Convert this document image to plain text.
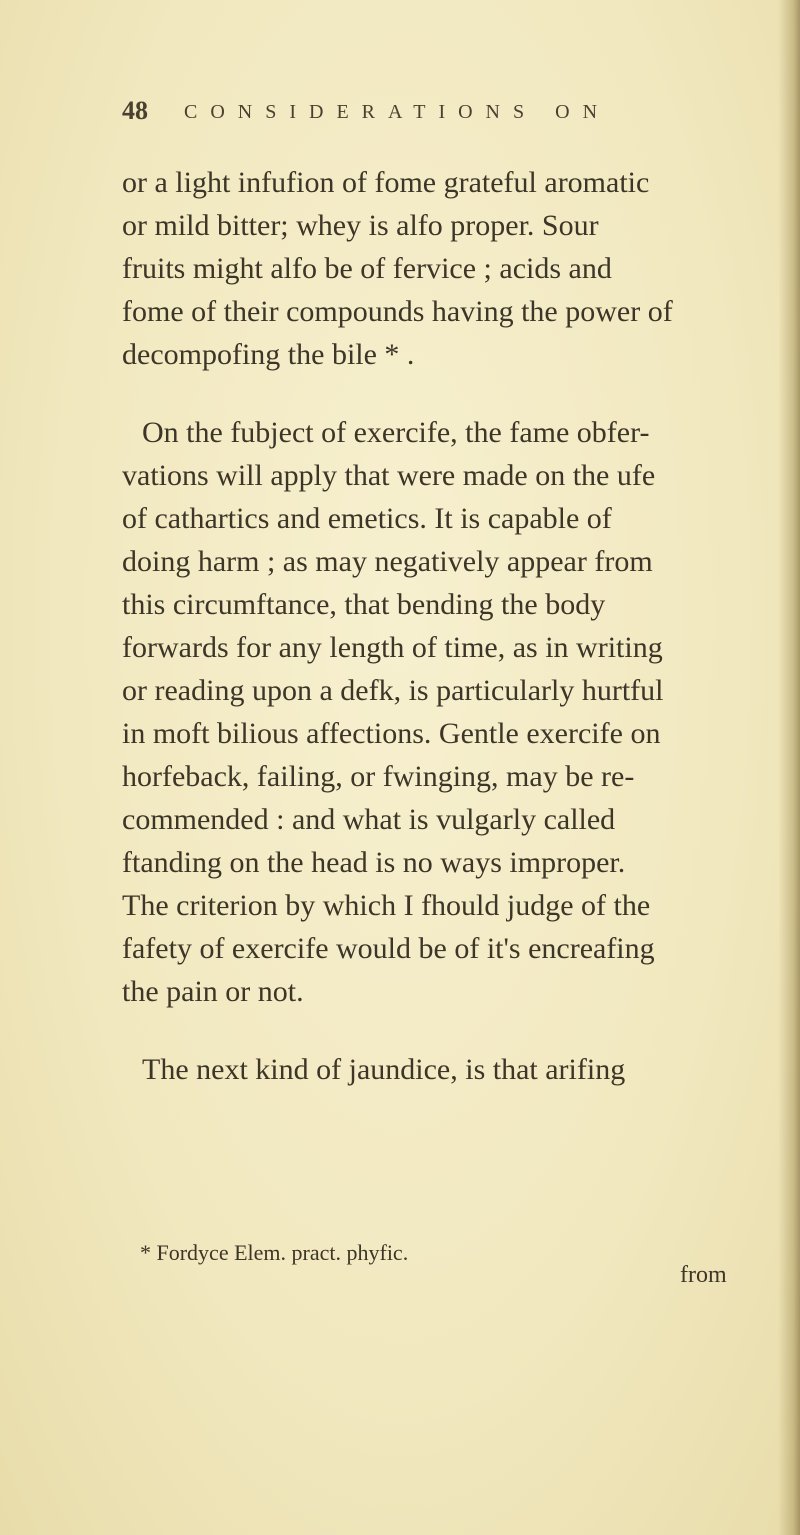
48 CONSIDERATIONS ON

or a light infufion of fome grateful aromatic

or mild bitter; whey is alfo proper. Sour

fruits might alfo be of fervice ; acids and

fome of their compounds having the power of

decompofing the bile * .

On the fubject of exercife, the fame obfer-

vations will apply that were made on the ufe

of cathartics and emetics. It is capable of

doing harm ; as may negatively appear from

this circumftance, that bending the body

forwards for any length of time, as in writing

or reading upon a defk, is particularly hurtful

in moft bilious affections. Gentle exercife on

horfeback, failing, or fwinging, may be re-

commended : and what is vulgarly called

ftanding on the head is no ways improper.

The criterion by which I fhould judge of the

fafety of exercife would be of it's encreafing

the pain or not.

The next kind of jaundice, is that arifing

* Fordyce Elem. pract. phyfic.
from
